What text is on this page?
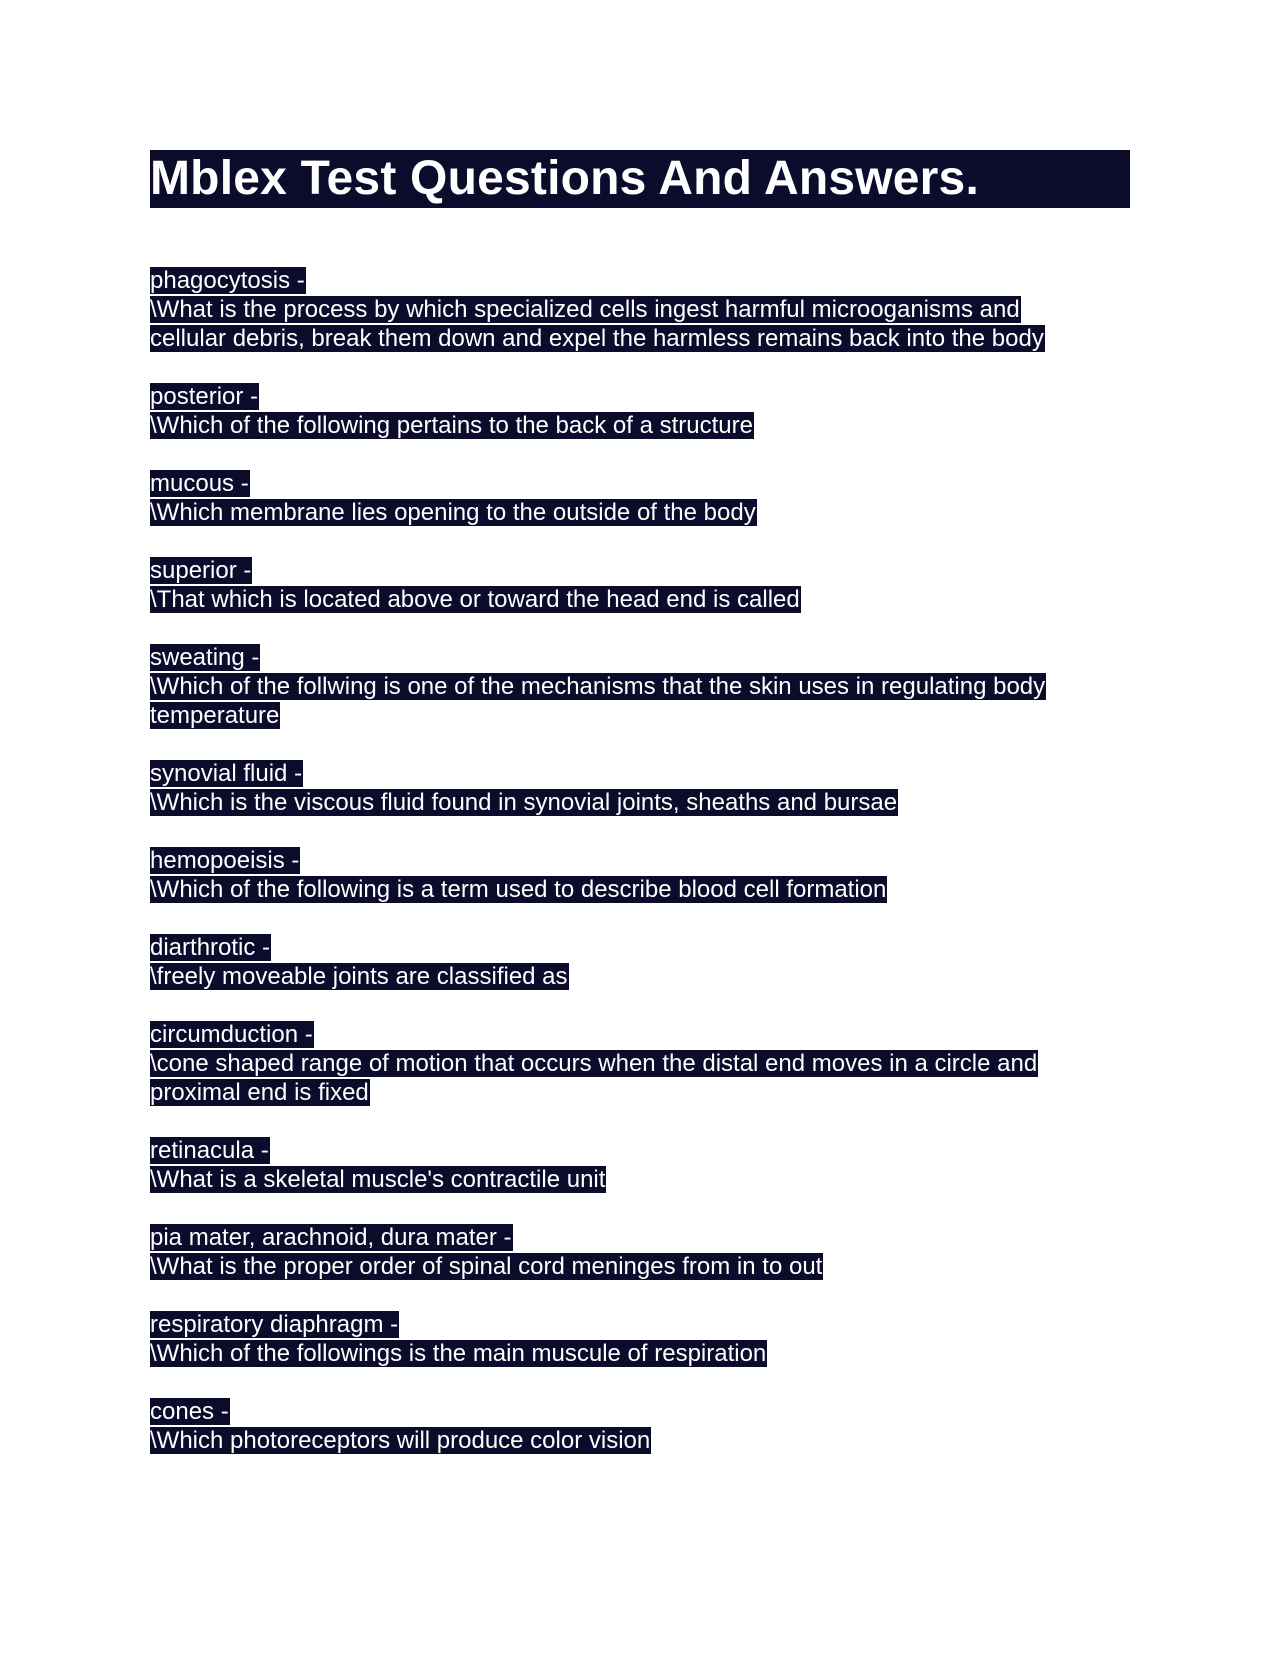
Mblex Test Questions And Answers.
phagocytosis -
\What is the process by which specialized cells ingest harmful microoganisms and cellular debris, break them down and expel the harmless remains back into the body
posterior -
\Which of the following pertains to the back of a structure
mucous -
\Which membrane lies opening to the outside of the body
superior -
\That which is located above or toward the head end is called
sweating -
\Which of the follwing is one of the mechanisms that the skin uses in regulating body temperature
synovial fluid -
\Which is the viscous fluid found in synovial joints, sheaths and bursae
hemopoeisis -
\Which of the following is a term used to describe blood cell formation
diarthrotic -
\freely moveable joints are classified as
circumduction -
\cone shaped range of motion that occurs when the distal end moves in a circle and proximal end is fixed
retinacula -
\What is a skeletal muscle's contractile unit
pia mater, arachnoid, dura mater -
\What is the proper order of spinal cord meninges from in to out
respiratory diaphragm -
\Which of the followings is the main muscule of respiration
cones -
\Which photoreceptors will produce color vision
